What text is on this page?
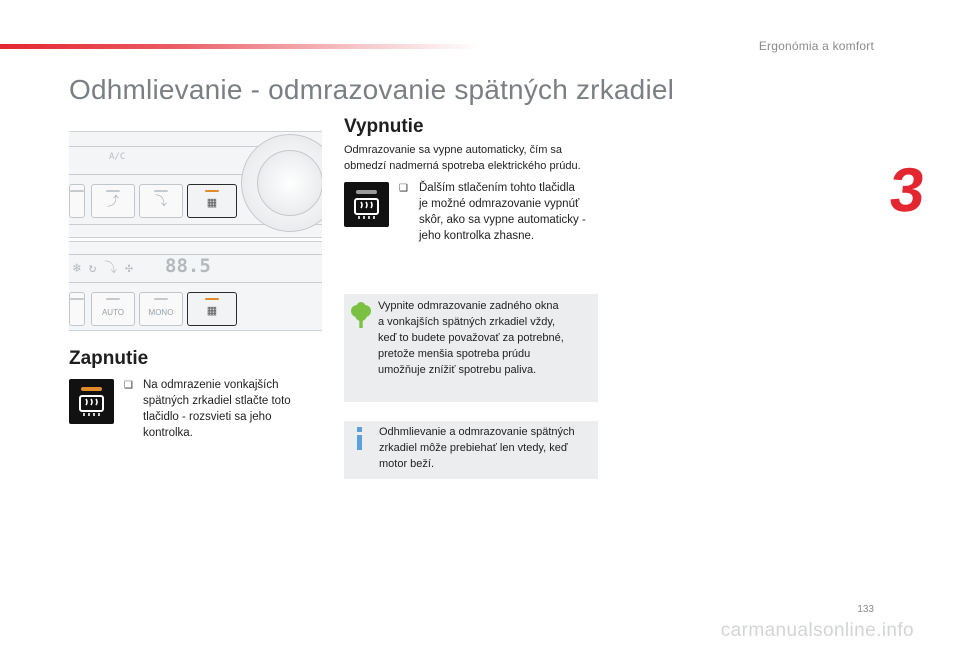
Ergonómia a komfort
3
Odhmlievanie - odmrazovanie spätných zrkadiel
A/C
⤴	⤵	▦
❄ ↻ ⤵ ✣ 88.5
AUTO	MONO	▦
Zapnutie
❑ Na odmrazenie vonkajších
spätných zrkadiel stlačte toto
tlačidlo - rozsvieti sa jeho
kontrolka.
Vypnutie
Odmrazovanie sa vypne automaticky, čím sa
obmedzí nadmerná spotreba elektrického prúdu.
❑ Ďalším stlačením tohto tlačidla
je možné odmrazovanie vypnúť
skôr, ako sa vypne automaticky -
jeho kontrolka zhasne.
Vypnite odmrazovanie zadného okna
a vonkajších spätných zrkadiel vždy,
keď to budete považovať za potrebné,
pretože menšia spotreba prúdu
umožňuje znížiť spotrebu paliva.
Odhmlievanie a odmrazovanie spätných
zrkadiel môže prebiehať len vtedy, keď
motor beží.
133
carmanualsonline.info
